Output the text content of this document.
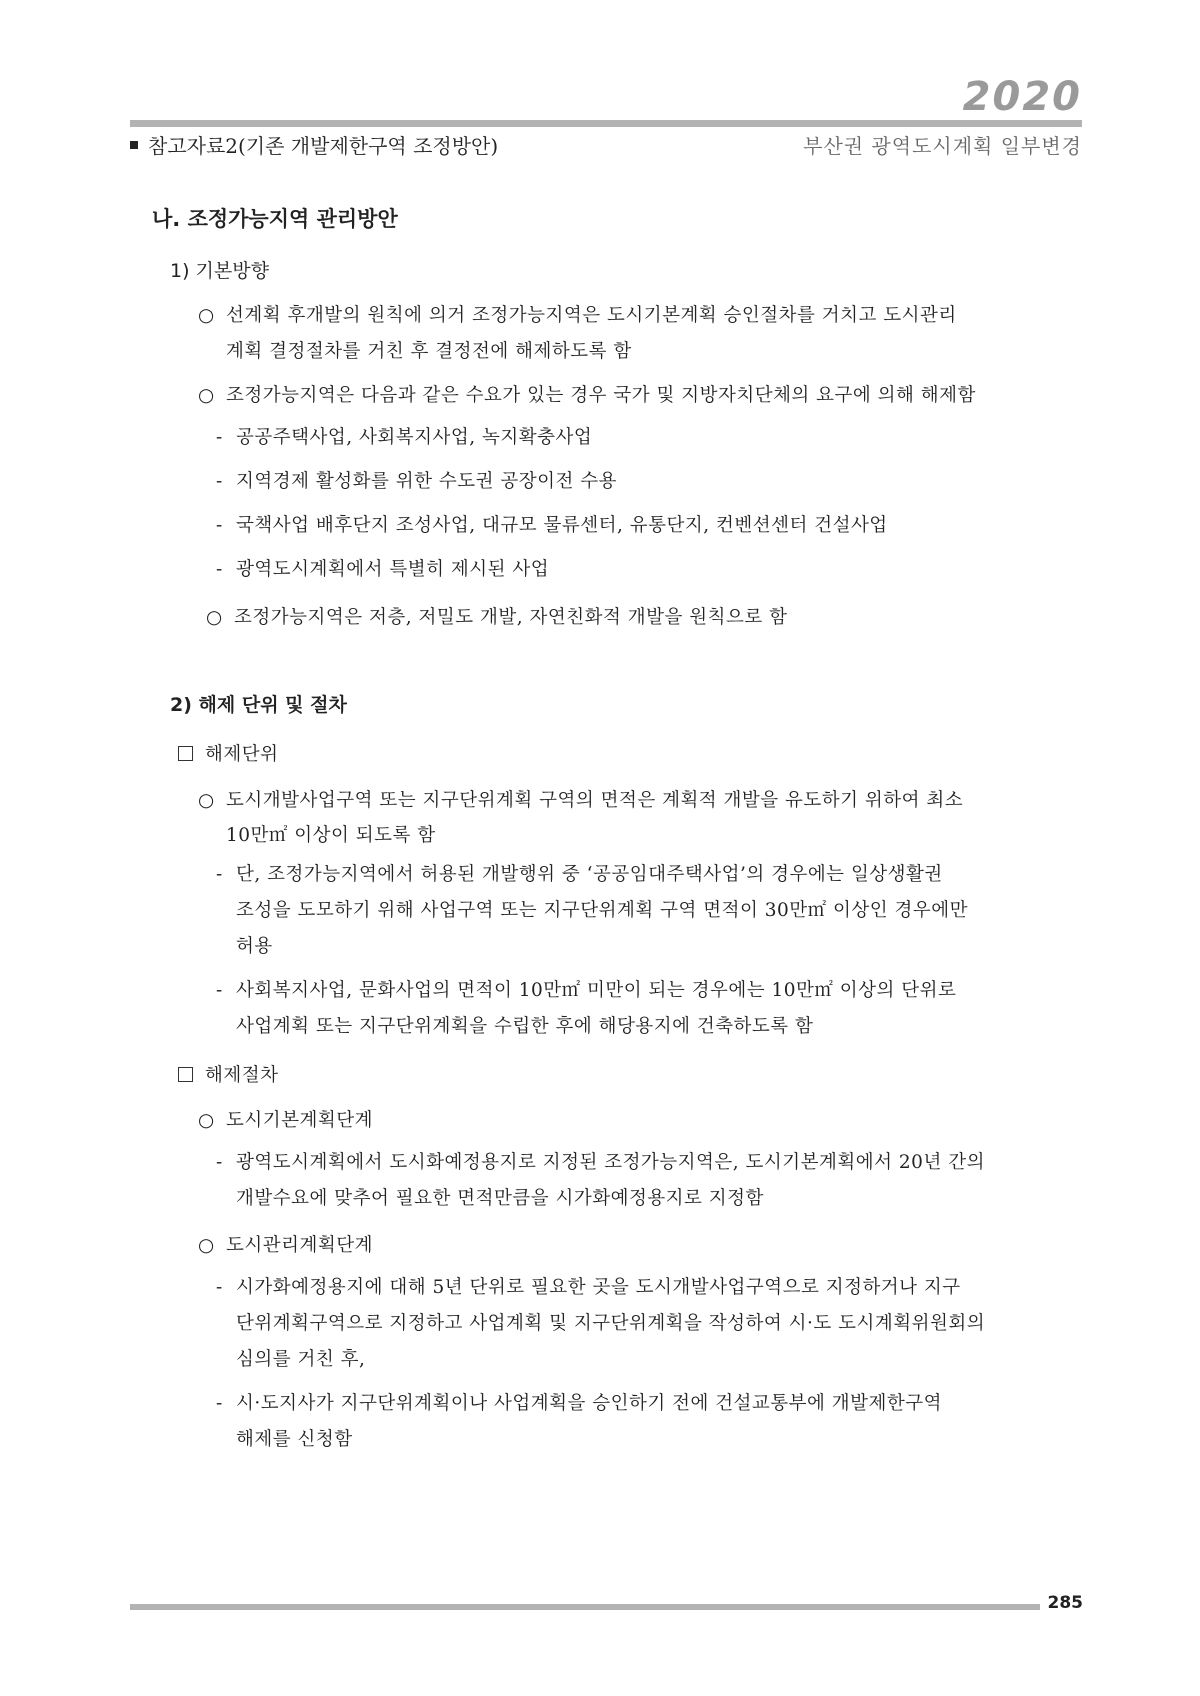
2020
참고자료2(기존 개발제한구역 조정방안)	부산권 광역도시계획 일부변경
나. 조정가능지역 관리방안
1) 기본방향
○ 선계획 후개발의 원칙에 의거 조정가능지역은 도시기본계획 승인절차를 거치고 도시관리
계획 결정절차를 거친 후 결정전에 해제하도록 함
○ 조정가능지역은 다음과 같은 수요가 있는 경우 국가 및 지방자치단체의 요구에 의해 해제함
- 공공주택사업, 사회복지사업, 녹지확충사업
- 지역경제 활성화를 위한 수도권 공장이전 수용
- 국책사업 배후단지 조성사업, 대규모 물류센터, 유통단지, 컨벤션센터 건설사업
- 광역도시계획에서 특별히 제시된 사업
○ 조정가능지역은 저층, 저밀도 개발, 자연친화적 개발을 원칙으로 함
2) 해제 단위 및 절차
해제단위
○ 도시개발사업구역 또는 지구단위계획 구역의 면적은 계획적 개발을 유도하기 위하여 최소
10만㎡ 이상이 되도록 함
- 단, 조정가능지역에서 허용된 개발행위 중 ‘공공임대주택사업’의 경우에는 일상생활권
조성을 도모하기 위해 사업구역 또는 지구단위계획 구역 면적이 30만㎡ 이상인 경우에만
허용
- 사회복지사업, 문화사업의 면적이 10만㎡ 미만이 되는 경우에는 10만㎡ 이상의 단위로
사업계획 또는 지구단위계획을 수립한 후에 해당용지에 건축하도록 함
해제절차
○ 도시기본계획단계
- 광역도시계획에서 도시화예정용지로 지정된 조정가능지역은, 도시기본계획에서 20년 간의
개발수요에 맞추어 필요한 면적만큼을 시가화예정용지로 지정함
○ 도시관리계획단계
- 시가화예정용지에 대해 5년 단위로 필요한 곳을 도시개발사업구역으로 지정하거나 지구
단위계획구역으로 지정하고 사업계획 및 지구단위계획을 작성하여 시·도 도시계획위원회의
심의를 거친 후,
- 시·도지사가 지구단위계획이나 사업계획을 승인하기 전에 건설교통부에 개발제한구역
해제를 신청함
285
